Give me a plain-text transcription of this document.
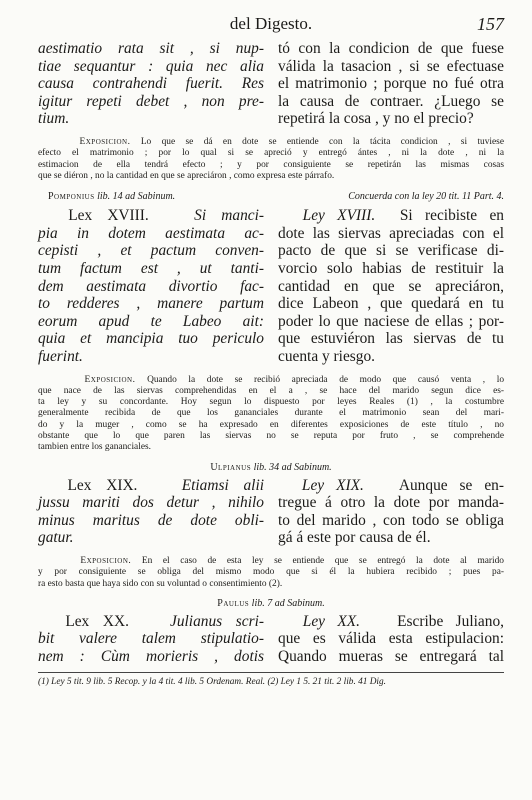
del Digesto.	157
aestimatio rata sit , si nup-
tiae sequantur : quia nec alia
causa contrahendi fuerit. Res
igitur repeti debet , non pre-
tium.
tó con la condicion de que fuese
válida la tasacion , si se efectuase
el matrimonio ; porque no fué otra
la causa de contraer. ¿Luego se
repetirá la cosa , y no el precio?
Exposicion. Lo que se dá en dote se entiende con la tácita condicion , si tuviese
efecto el matrimonio ; por lo qual si se apreció y entregó ántes , ni la dote , ni la
estimacion de ella tendrá efecto ; y por consiguiente se repetirán las mismas cosas
que se diéron , no la cantidad en que se apreciáron , como expresa este párrafo.
Pomponius lib. 14 ad Sabinum.	Concuerda con la ley 20 tit. 11 Part. 4.
Lex XVIII.	Si manci-
pia in dotem aestimata ac-
cepisti , et pactum conven-
tum factum est , ut tanti-
dem aestimata divortio fac-
to redderes , manere partum
eorum apud te Labeo ait:
quia et mancipia tuo periculo
fuerint.
Ley XVIII. Si recibiste en
dote las siervas apreciadas con el
pacto de que si se verificase di-
vorcio solo habias de restituir la
cantidad en que se apreciáron,
dice Labeon , que quedará en tu
poder lo que naciese de ellas ; por-
que estuviéron las siervas de tu
cuenta y riesgo.
Exposicion. Quando la dote se recibió apreciada de modo que causó venta , lo
que nace de las siervas comprehendidas en el a , se hace del marido segun dice es-
ta ley y su concordante. Hoy segun lo dispuesto por leyes Reales (1) , la costumbre
generalmente recibida de que los gananciales durante el matrimonio sean del mari-
do y la muger , como se ha expresado en diferentes exposiciones de este título , no
obstante que lo que paren las siervas no se reputa por fruto , se comprehende
tambien entre los gananciales.
Ulpianus lib. 34 ad Sabinum.
Lex XIX.	Etiamsi alii
jussu mariti dos detur , nihilo
minus maritus de dote obli-
gatur.
Ley XIX. Aunque se en-
tregue á otro la dote por manda-
to del marido , con todo se obliga
gá á este por causa de él.
Exposicion. En el caso de esta ley se entiende que se entregó la dote al marido
y por consiguiente se obliga del mismo modo que si él la hubiera recibido ; pues pa-
ra esto basta que haya sido con su voluntad o consentimiento (2).
Paulus lib. 7 ad Sabinum.
Lex XX.	Julianus scri-
bit valere talem stipulatio-
nem : Cùm morieris , dotis
Ley XX. Escribe Juliano,
que es válida esta estipulacion:
Quando mueras se entregará tal
(1) Ley 5 tit. 9 lib. 5 Recop. y la 4 tit. 4 lib. 5 Ordenam. Real. (2) Ley 1 5. 21 tit. 2 lib. 41 Dig.
